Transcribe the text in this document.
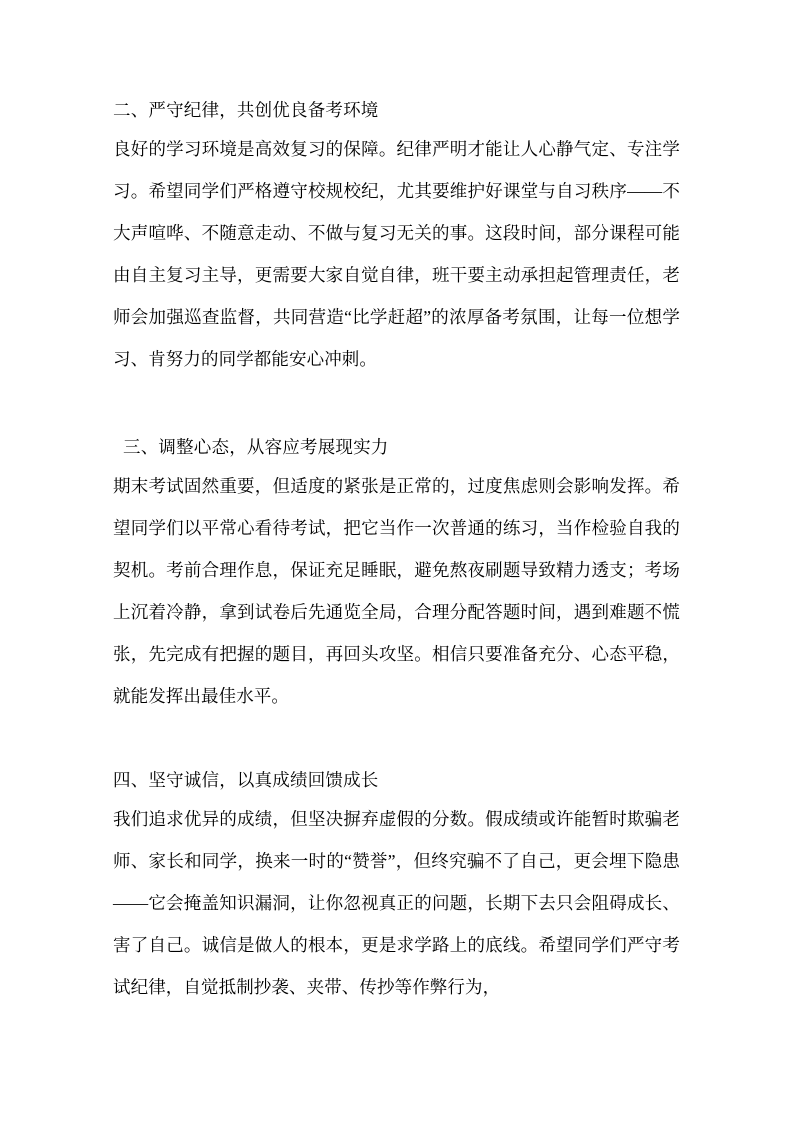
二、严守纪律，共创优良备考环境

良好的学习环境是高效复习的保障。纪律严明才能让人心静气定、专注学习。希望同学们严格遵守校规校纪，尤其要维护好课堂与自习秩序——不大声喧哗、不随意走动、不做与复习无关的事。这段时间，部分课程可能由自主复习主导，更需要大家自觉自律，班干要主动承担起管理责任，老师会加强巡查监督，共同营造“比学赶超”的浓厚备考氛围，让每一位想学习、肯努力的同学都能安心冲刺。

三、调整心态，从容应考展现实力

期末考试固然重要，但适度的紧张是正常的，过度焦虑则会影响发挥。希望同学们以平常心看待考试，把它当作一次普通的练习，当作检验自我的契机。考前合理作息，保证充足睡眠，避免熬夜刷题导致精力透支；考场上沉着冷静，拿到试卷后先通览全局，合理分配答题时间，遇到难题不慌张，先完成有把握的题目，再回头攻坚。相信只要准备充分、心态平稳，就能发挥出最佳水平。

四、坚守诚信，以真成绩回馈成长

我们追求优异的成绩，但坚决摒弃虚假的分数。假成绩或许能暂时欺骗老师、家长和同学，换来一时的“赞誉”，但终究骗不了自己，更会埋下隐患——它会掩盖知识漏洞，让你忽视真正的问题，长期下去只会阻碍成长、害了自己。诚信是做人的根本，更是求学路上的底线。希望同学们严守考试纪律，自觉抵制抄袭、夹带、传抄等作弊行为，
